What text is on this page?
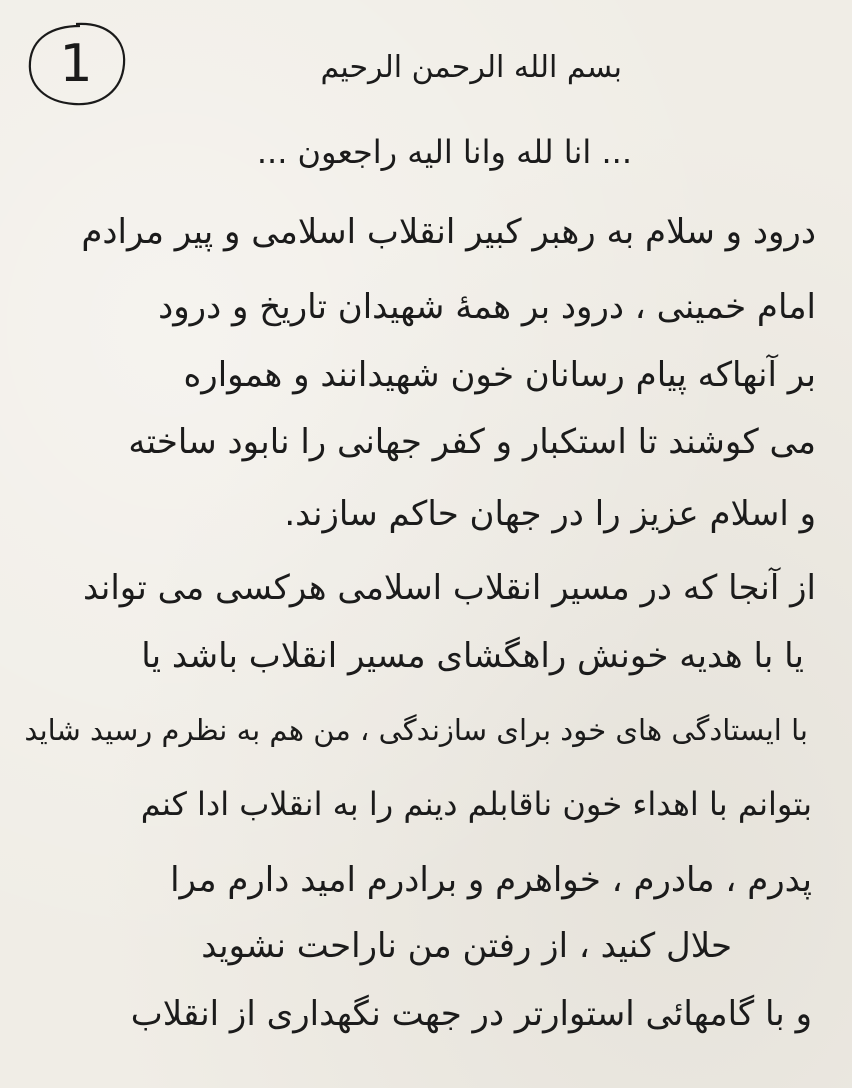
1	بسم الله الرحمن الرحيم
... انا لله وانا اليه راجعون ...
درود و سلام به رهبر کبیر انقلاب اسلامی و پیر مرادم
امام خمینی ، درود بر همهٔ شهیدان تاریخ و درود
بر آنهاکه پیام رسانان خون شهیدانند و همواره
می کوشند تا استکبار و کفر جهانی را نابود ساخته
و اسلام عزیز را در جهان حاکم سازند.
از آنجا که در مسیر انقلاب اسلامی هرکسی می تواند
یا با هدیه خونش راهگشای مسیر انقلاب باشد یا
با ایستادگی های خود برای سازندگی ، من هم به نظرم رسید شاید
بتوانم با اهداء خون ناقابلم دینم را به انقلاب ادا کنم
پدرم ، مادرم ، خواهرم و برادرم امید دارم مرا
حلال کنید ، از رفتن من ناراحت نشوید
و با گامهائی استوارتر در جهت نگهداری از انقلاب
